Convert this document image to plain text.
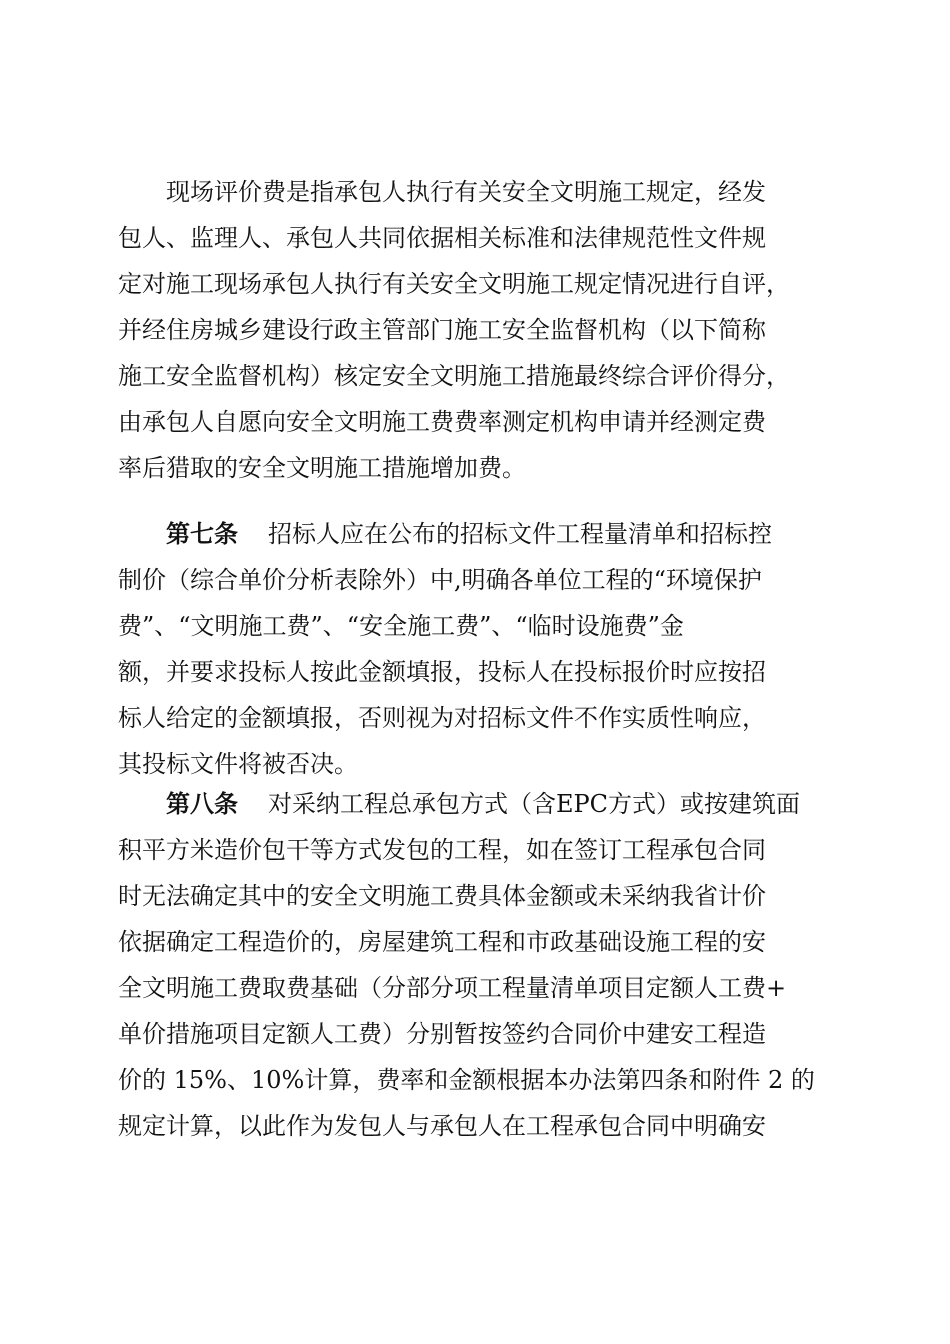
现场评价费是指承包人执行有关安全文明施工规定，经发
包人、监理人、承包人共同依据相关标准和法律规范性文件规
定对施工现场承包人执行有关安全文明施工规定情况进行自评，
并经住房城乡建设行政主管部门施工安全监督机构（以下简称
施工安全监督机构）核定安全文明施工措施最终综合评价得分，
由承包人自愿向安全文明施工费费率测定机构申请并经测定费
率后猎取的安全文明施工措施增加费。
第七条 招标人应在公布的招标文件工程量清单和招标控
制价（综合单价分析表除外）中,明确各单位工程的“环境保护
费”、“文明施工费”、“安全施工费”、“临时设施费”金
额，并要求投标人按此金额填报，投标人在投标报价时应按招
标人给定的金额填报，否则视为对招标文件不作实质性响应，
其投标文件将被否决。
第八条 对采纳工程总承包方式（含EPC方式）或按建筑面
积平方米造价包干等方式发包的工程，如在签订工程承包合同
时无法确定其中的安全文明施工费具体金额或未采纳我省计价
依据确定工程造价的，房屋建筑工程和市政基础设施工程的安
全文明施工费取费基础（分部分项工程量清单项目定额人工费+
单价措施项目定额人工费）分别暂按签约合同价中建安工程造
价的 15%、10%计算，费率和金额根据本办法第四条和附件 2 的
规定计算，以此作为发包人与承包人在工程承包合同中明确安
